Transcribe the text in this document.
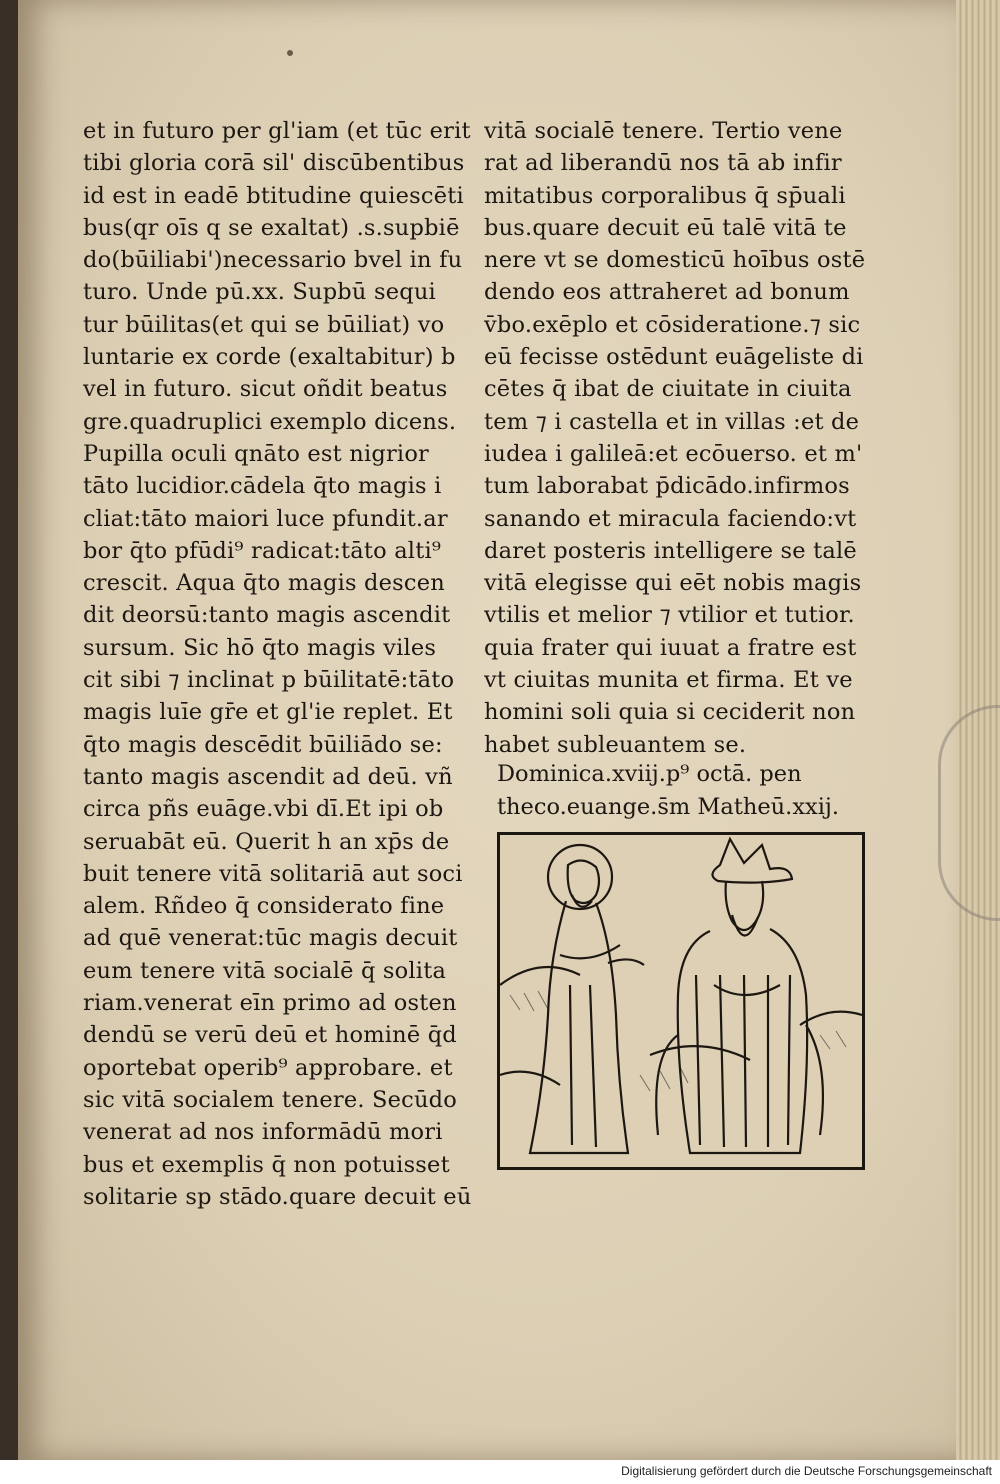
et in futuro per gl'iam (et tūc erit
tibi gloria corā sil' discūbentibus
id est in eadē btitudine quiescēti
bus(qr oīs q se exaltat) .s.supbiē
do(būiliabi')necessario bvel in fu
turo. Unde pū.xx. Supbū sequi
tur būilitas(et qui se būiliat) vo
luntarie ex corde (exaltabitur) b
vel in futuro. sicut oñdit beatus
gre.quadruplici exemplo dicens.
Pupilla oculi qnāto est nigrior
tāto lucidior.cādela q̄to magis i
cliat:tāto maiori luce pfundit.ar
bor q̄to pfūdi⁹ radicat:tāto alti⁹
crescit. Aqua q̄to magis descen
dit deorsū:tanto magis ascendit
sursum. Sic hō q̄to magis viles
cit sibi ⁊ inclinat p būilitatē:tāto
magis luīe gr̄e et gl'ie replet. Et
q̄to magis descēdit būiliādo se:
tanto magis ascendit ad deū. vñ
circa pñs euāge.vbi dī.Et ipi ob
seruabāt eū. Querit h an xp̄s de
buit tenere vitā solitariā aut soci
alem. Rñdeo q̄ considerato fine
ad quē venerat:tūc magis decuit
eum tenere vitā socialē q̄ solita
riam.venerat eīn primo ad osten
dendū se verū deū et hominē q̄d
oportebat operib⁹ approbare. et
sic vitā socialem tenere. Secūdo
venerat ad nos informādū mori
bus et exemplis q̄ non potuisset
solitarie sp stādo.quare decuit eū
vitā socialē tenere. Tertio vene
rat ad liberandū nos tā ab infir
mitatibus corporalibus q̄ sp̄uali
bus.quare decuit eū talē vitā te
nere vt se domesticū hoībus ostē
dendo eos attraheret ad bonum
v̄bo.exēplo et cōsideratione.⁊ sic
eū fecisse ostēdunt euāgeliste di
cētes q̄ ibat de ciuitate in ciuita
tem ⁊ i castella et in villas :et de
iudea i galileā:et ecōuerso. et m'
tum laborabat p̄dicādo.infirmos
sanando et miracula faciendo:vt
daret posteris intelligere se talē
vitā elegisse qui eēt nobis magis
vtilis et melior ⁊ vtilior et tutior.
quia frater qui iuuat a fratre est
vt ciuitas munita et firma. Et ve
homini soli quia si ceciderit non
habet subleuantem se.
Dominica.xviij.p⁹ octā. pen
theco.euange.s̄m Matheū.xxij.
Digitalisierung gefördert durch die Deutsche Forschungsgemeinschaft
